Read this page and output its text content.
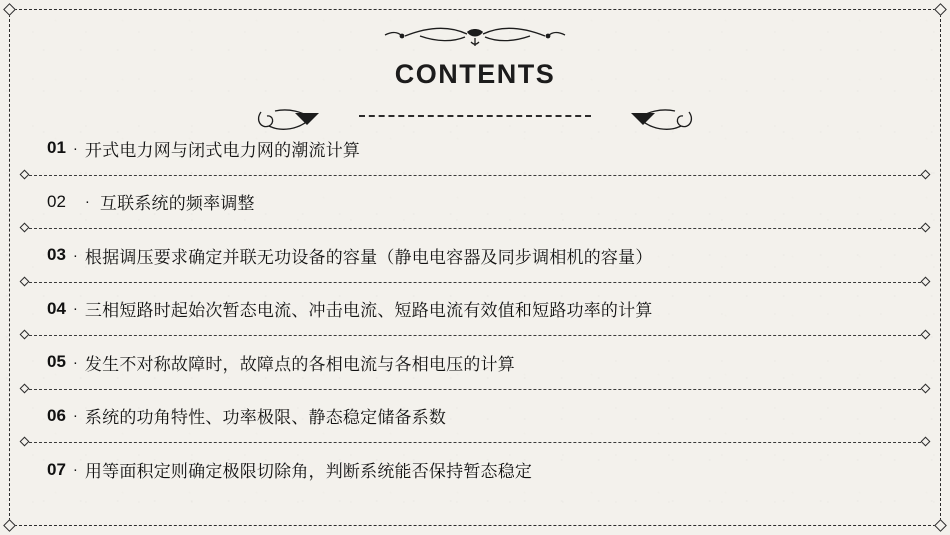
CONTENTS
01 · 开式电力网与闭式电力网的潮流计算
02 · 互联系统的频率调整
03 · 根据调压要求确定并联无功设备的容量（静电电容器及同步调相机的容量）
04 · 三相短路时起始次暂态电流、冲击电流、短路电流有效值和短路功率的计算
05 · 发生不对称故障时，故障点的各相电流与各相电压的计算
06 · 系统的功角特性、功率极限、静态稳定储备系数
07 · 用等面积定则确定极限切除角，判断系统能否保持暂态稳定
